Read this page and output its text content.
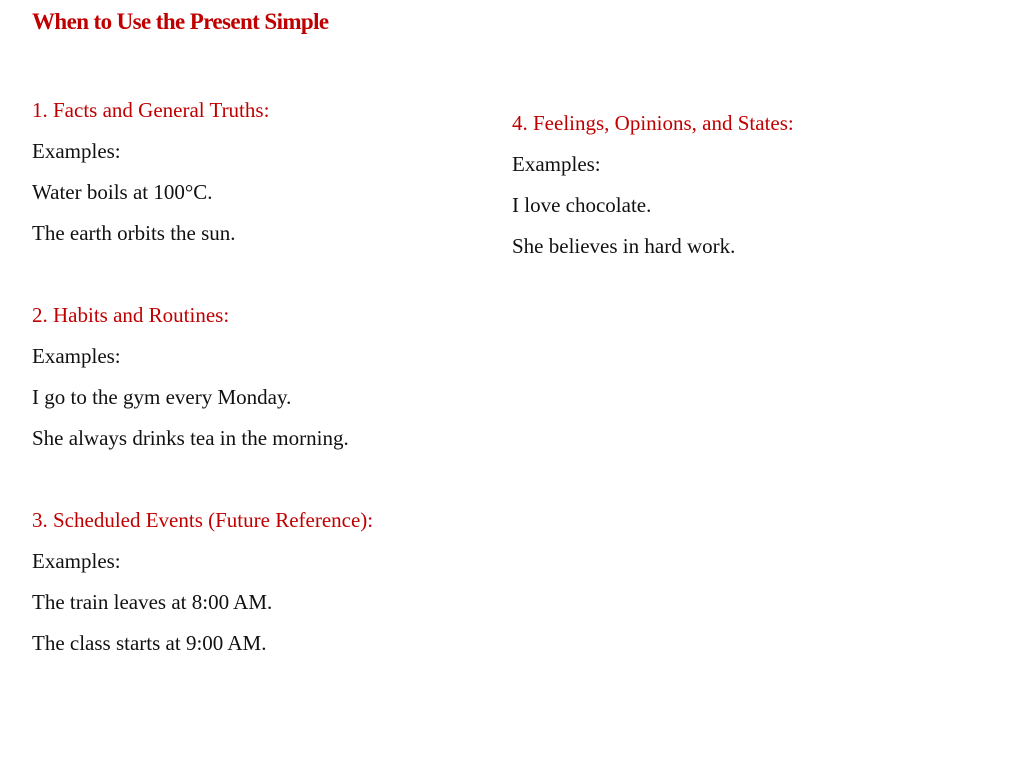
When to Use the Present Simple
1. Facts and General Truths:
Examples:
Water boils at 100°C.
The earth orbits the sun.
2. Habits and Routines:
Examples:
I go to the gym every Monday.
She always drinks tea in the morning.
3. Scheduled Events (Future Reference):
Examples:
The train leaves at 8:00 AM.
The class starts at 9:00 AM.
4. Feelings, Opinions, and States:
Examples:
I love chocolate.
She believes in hard work.
